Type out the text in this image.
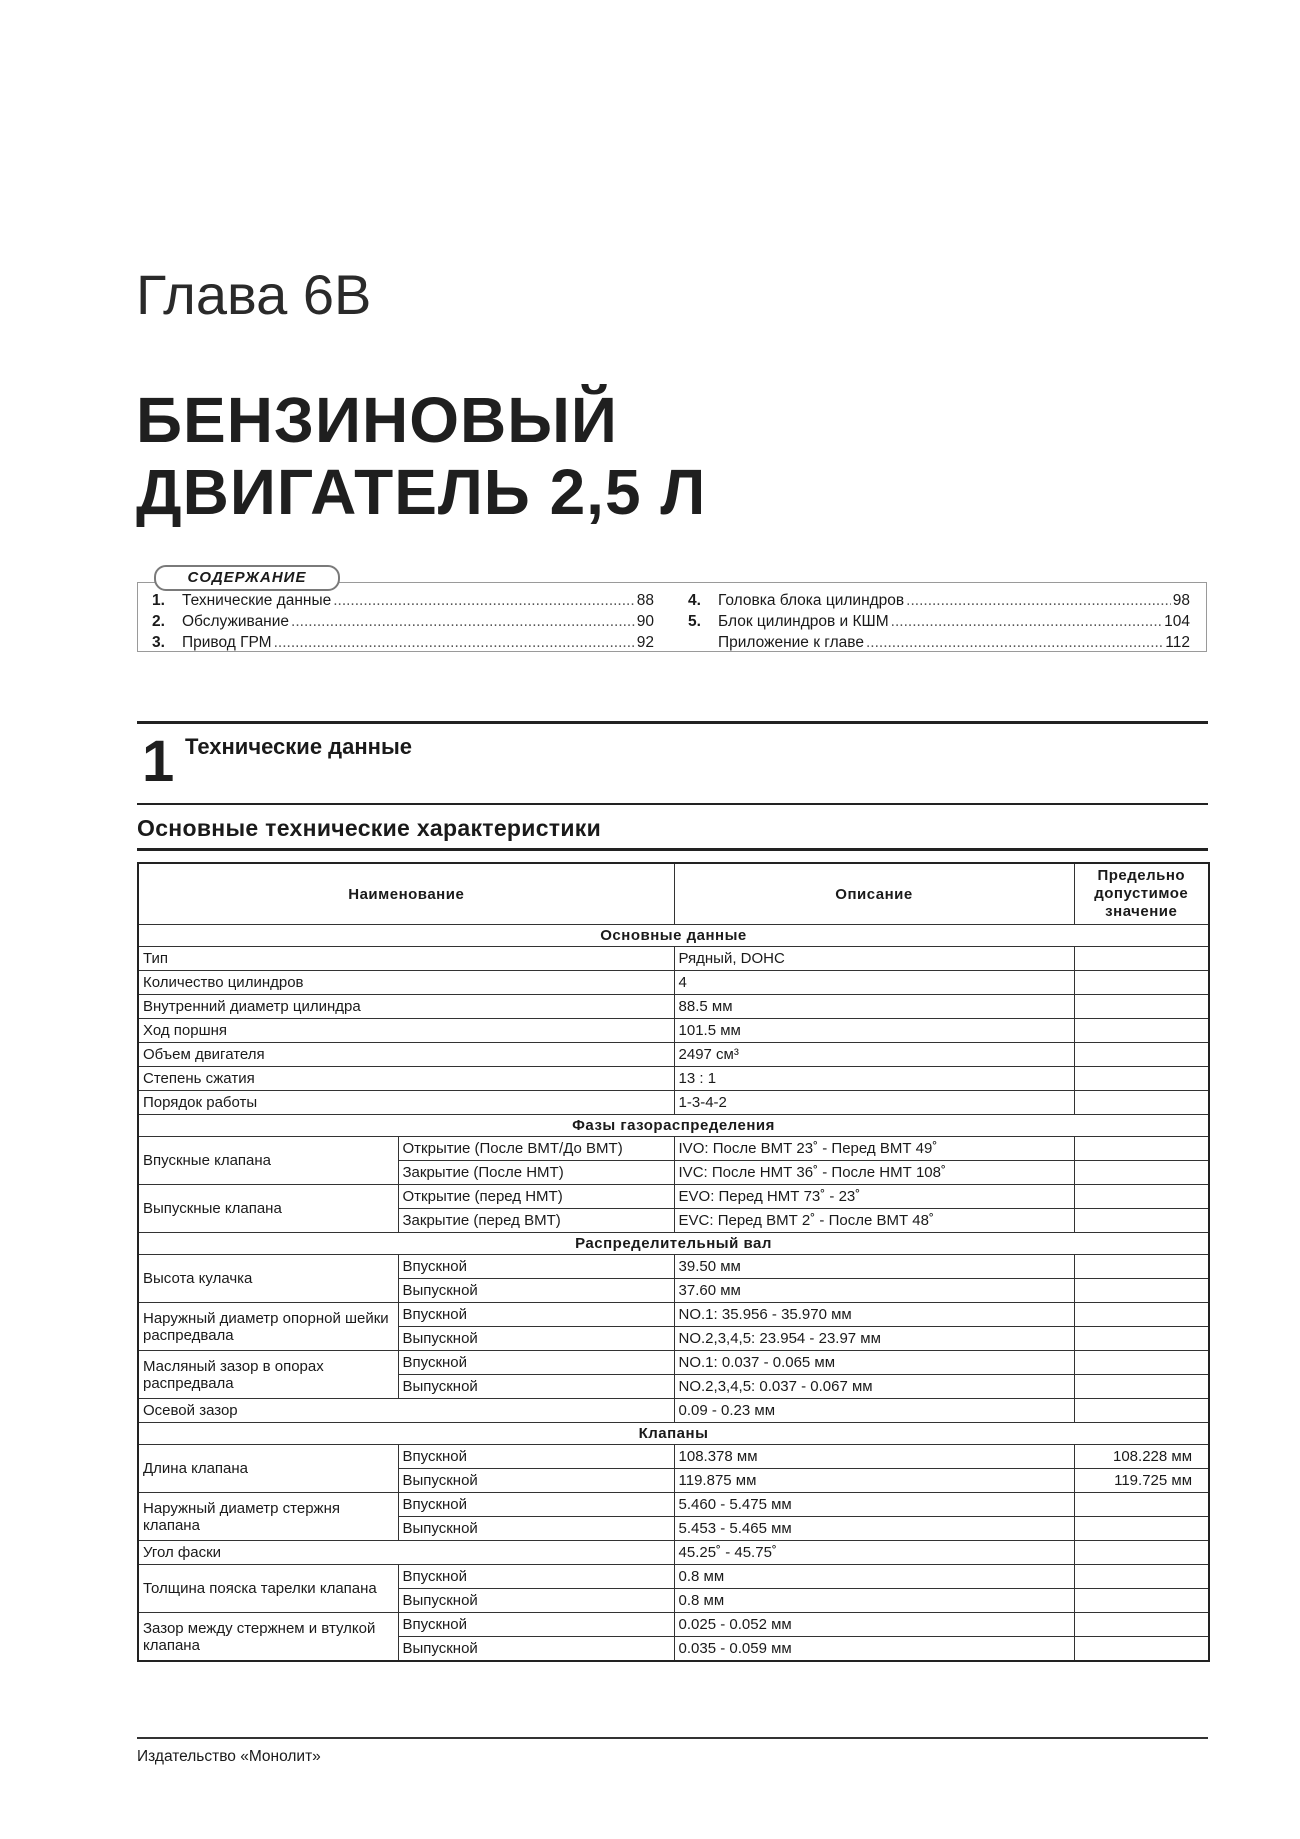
Глава 6В
БЕНЗИНОВЫЙ
ДВИГАТЕЛЬ 2,5 Л
СОДЕРЖАНИЕ
1.	Технические данные .....	88
2.	Обслуживание .....	90
3.	Привод ГРМ .....	92
4.	Головка блока цилиндров .....	98
5.	Блок цилиндров и КШМ .....	104
Приложение к главе .....	112
1 Технические данные
Основные технические характеристики
Наименование		Описание	Предельно допустимое значение
Основные данные			
Тип		Рядный, DOHC	
Количество цилиндров		4	
Внутренний диаметр цилиндра		88.5 мм	
Ход поршня		101.5 мм	
Объем двигателя		2497 см³	
Степень сжатия		13 : 1	
Порядок работы		1-3-4-2	
Фазы газораспределения			
Впускные клапана	Открытие (После ВМТ/До ВМТ)	IVO: После ВМТ 23˚ - Перед ВМТ 49˚	
	Закрытие (После НМТ)	IVC: После НМТ 36˚ - После НМТ 108˚	
Выпускные клапана	Открытие (перед НМТ)	EVO: Перед НМТ 73˚ - 23˚	
	Закрытие (перед ВМТ)	EVC: Перед ВМТ 2˚ - После ВМТ 48˚	
Распределительный вал			
Высота кулачка	Впускной	39.50 мм	
	Выпускной	37.60 мм	
Наружный диаметр опорной шейки распредвала	Впускной	NO.1: 35.956 - 35.970 мм	
	Выпускной	NO.2,3,4,5: 23.954 - 23.97 мм	
Масляный зазор в опорах распредвала	Впускной	NO.1: 0.037 - 0.065 мм	
	Выпускной	NO.2,3,4,5: 0.037 - 0.067 мм	
Осевой зазор		0.09 - 0.23 мм	
Клапаны			
Длина клапана	Впускной	108.378 мм	108.228 мм
	Выпускной	119.875 мм	119.725 мм
Наружный диаметр стержня клапана	Впускной	5.460 - 5.475 мм	
	Выпускной	5.453 - 5.465 мм	
Угол фаски		45.25˚ - 45.75˚	
Толщина пояска тарелки клапана	Впускной	0.8 мм	
	Выпускной	0.8 мм	
Зазор между стержнем и втулкой клапана	Впускной	0.025 - 0.052 мм	
	Выпускной	0.035 - 0.059 мм	
Издательство «Монолит»
